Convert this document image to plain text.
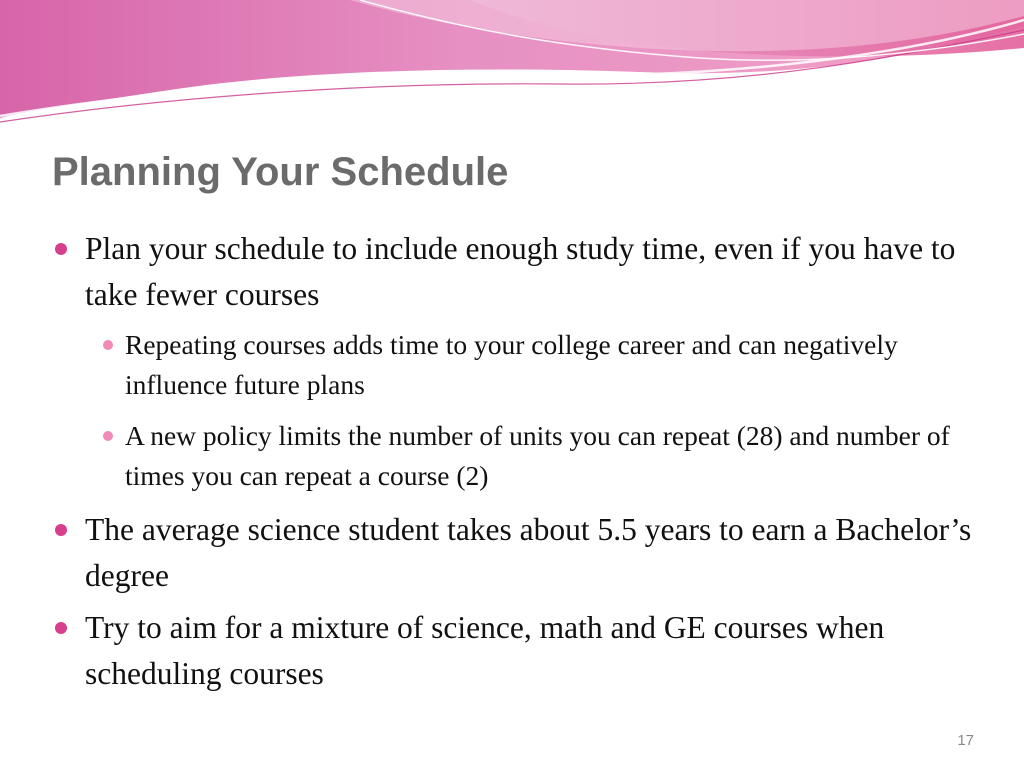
Planning Your Schedule
Plan your schedule to include enough study time, even if you have to take fewer courses
Repeating courses adds time to your college career and can negatively influence future plans
A new policy limits the number of units you can repeat (28) and number of times you can repeat a course (2)
The average science student takes about 5.5 years to earn a Bachelor’s degree
Try to aim for a mixture of science, math and GE courses when scheduling courses
17
